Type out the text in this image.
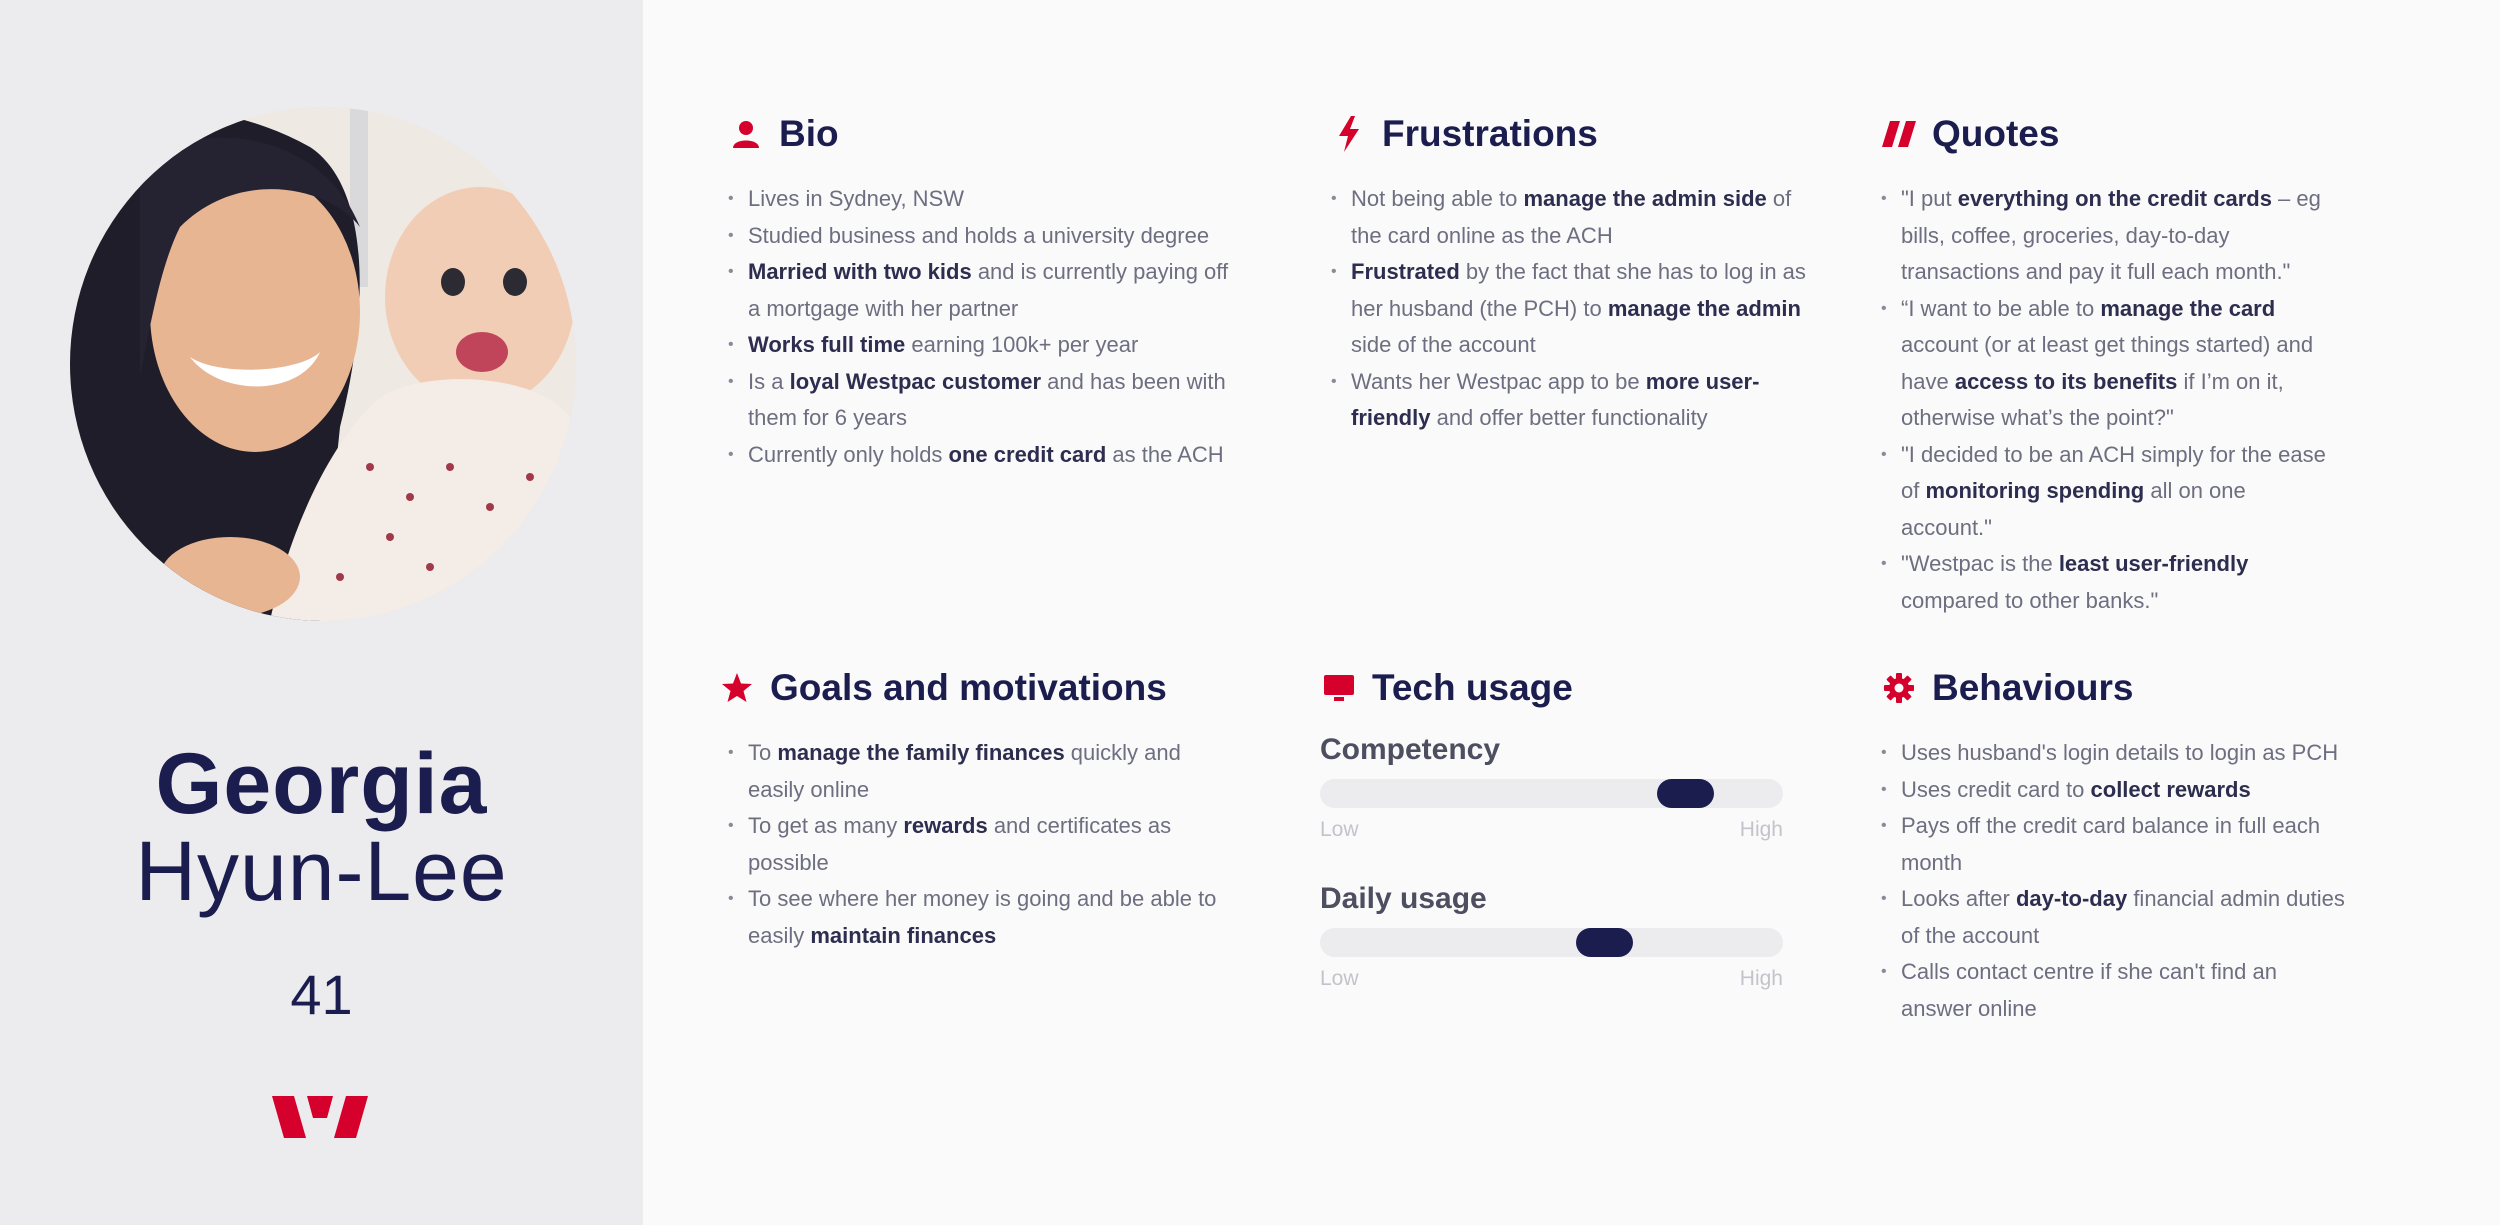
Georgia
Hyun-Lee
41
Bio
• Lives in Sydney, NSW
• Studied business and holds a university degree
• Married with two kids and is currently paying off a mortgage with her partner
• Works full time earning 100k+ per year
• Is a loyal Westpac customer and has been with them for 6 years
• Currently only holds one credit card as the ACH
Frustrations
• Not being able to manage the admin side of the card online as the ACH
• Frustrated by the fact that she has to log in as her husband (the PCH) to manage the admin side of the account
• Wants her Westpac app to be more user-friendly and offer better functionality
Quotes
• "I put everything on the credit cards – eg bills, coffee, groceries, day-to-day transactions and pay it full each month."
• “I want to be able to manage the card account (or at least get things started) and have access to its benefits if I’m on it, otherwise what’s the point?"
• "I decided to be an ACH simply for the ease of monitoring spending all on one account."
• "Westpac is the least user-friendly compared to other banks."
Goals and motivations
• To manage the family finances quickly and easily online
• To get as many rewards and certificates as possible
• To see where her money is going and be able to easily maintain finances
Tech usage
Competency
Low	High
Daily usage
Low	High
Behaviours
• Uses husband's login details to login as PCH
• Uses credit card to collect rewards
• Pays off the credit card balance in full each month
• Looks after day-to-day financial admin duties of the account
• Calls contact centre if she can't find an answer online
